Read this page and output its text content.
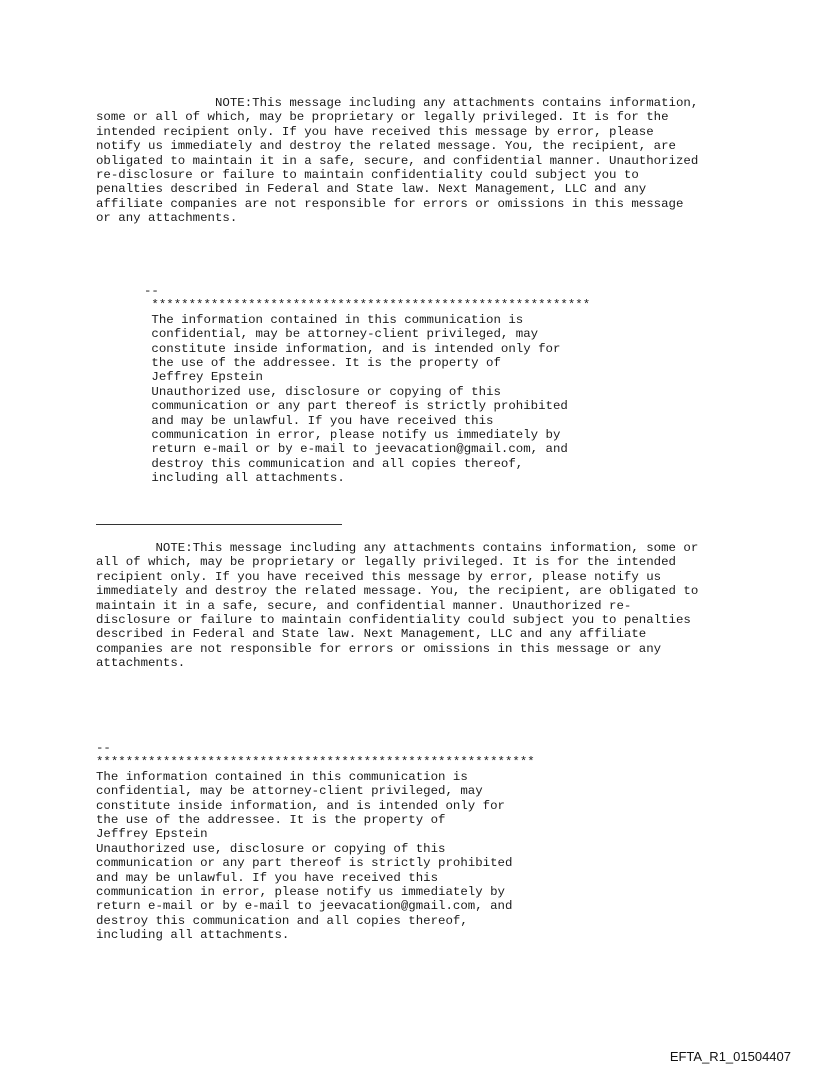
NOTE:This message including any attachments contains information,
some or all of which, may be proprietary or legally privileged. It is for the
intended recipient only. If you have received this message by error, please
notify us immediately and destroy the related message. You, the recipient, are
obligated to maintain it in a safe, secure, and confidential manner. Unauthorized
re-disclosure or failure to maintain confidentiality could subject you to
penalties described in Federal and State law. Next Management, LLC and any
affiliate companies are not responsible for errors or omissions in this message
or any attachments.
--
***********************************************************
The information contained in this communication is
confidential, may be attorney-client privileged, may
constitute inside information, and is intended only for
the use of the addressee. It is the property of
Jeffrey Epstein
Unauthorized use, disclosure or copying of this
communication or any part thereof is strictly prohibited
and may be unlawful. If you have received this
communication in error, please notify us immediately by
return e-mail or by e-mail to jeevacation@gmail.com, and
destroy this communication and all copies thereof,
including all attachments.
NOTE:This message including any attachments contains information, some or
all of which, may be proprietary or legally privileged. It is for the intended
recipient only. If you have received this message by error, please notify us
immediately and destroy the related message. You, the recipient, are obligated to
maintain it in a safe, secure, and confidential manner. Unauthorized re-
disclosure or failure to maintain confidentiality could subject you to penalties
described in Federal and State law. Next Management, LLC and any affiliate
companies are not responsible for errors or omissions in this message or any
attachments.
--
***********************************************************
The information contained in this communication is
confidential, may be attorney-client privileged, may
constitute inside information, and is intended only for
the use of the addressee. It is the property of
Jeffrey Epstein
Unauthorized use, disclosure or copying of this
communication or any part thereof is strictly prohibited
and may be unlawful. If you have received this
communication in error, please notify us immediately by
return e-mail or by e-mail to jeevacation@gmail.com, and
destroy this communication and all copies thereof,
including all attachments.
EFTA_R1_01504407
